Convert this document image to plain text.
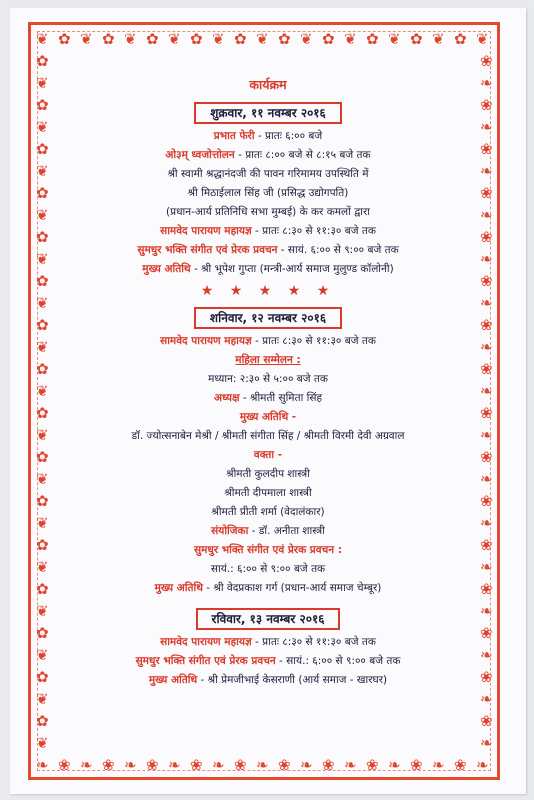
❦
❧
✿
❀
❦
❧
✿
❀
❦
❧
✿
❀
❦
❧
✿
❀
❦
❧
✿
❀
❦
❧
✿
❀
❦
❧
✿
❀
❦
❧
✿
❀
❦
❧
✿
❀
❦
❧
✿
❀
❦
❧
✿	❀
❦	❧
✿	❀
❦	❧
✿	❀
❦	❧
✿	❀
❦	❧
✿	❀
❦	❧
✿	❀
❦	❧
✿	❀
❦	❧
✿	❀
❦	❧
✿	❀
❦	❧
✿	❀
❦	❧
✿	❀
❦	❧
✿	❀
❦	❧
✿	❀
❦	❧
✿	❀
❦	❧
✿	❀
❦	❧
✿	❀
❦	❧
कार्यक्रम
शुक्रवार, ११ नवम्बर २०१६
प्रभात फेरी - प्रातः ६:०० बजे
ओ३म् ध्वजोत्तोलन - प्रातः ८:०० बजे से ८:१५ बजे तक
श्री स्वामी श्रद्धानंदजी की पावन गरिमामय उपस्थिति में
श्री मिठाईलाल सिंह जी (प्रसिद्ध उद्योगपति)
(प्रधान-आर्य प्रतिनिधि सभा मुम्बई) के कर कमलों द्वारा
सामवेद पारायण महायज्ञ - प्रातः ८:३० से ११:३० बजे तक
सुमधुर भक्ति संगीत एवं प्रेरक प्रवचन - सायं. ६:०० से ९:०० बजे तक
मुख्य अतिथि - श्री भूपेश गुप्ता (मन्त्री-आर्य समाज मुलुण्ड कॉलोनी)
★ ★ ★ ★ ★
शनिवार, १२ नवम्बर २०१६
सामवेद पारायण महायज्ञ - प्रातः ८:३० से ११:३० बजे तक
महिला सम्मेलन :
मध्यान: २:३० से ५:०० बजे तक
अध्यक्ष - श्रीमती सुमिता सिंह
मुख्य अतिथि -
डॉ. ज्योत्सनाबेन मेश्री / श्रीमती संगीता सिंह / श्रीमती विरमी देवी अग्रवाल
वक्ता -
श्रीमती कुलदीप शास्त्री
श्रीमती दीपमाला शास्त्री
श्रीमती प्रीती शर्मा (वेदालंकार)
संयोजिका - डॉ. अनीता शास्त्री
सुमधुर भक्ति संगीत एवं प्रेरक प्रवचन :
सायं.: ६:०० से ९:०० बजे तक
मुख्य अतिथि - श्री वेदप्रकाश गर्ग (प्रधान-आर्य समाज चेम्बूर)
रविवार, १३ नवम्बर २०१६
सामवेद पारायण महायज्ञ - प्रातः ८:३० से ११:३० बजे तक
सुमधुर भक्ति संगीत एवं प्रेरक प्रवचन - सायं.: ६:०० से ९:०० बजे तक
मुख्य अतिथि - श्री प्रेमजीभाई केसराणी (आर्य समाज - खारघर)
